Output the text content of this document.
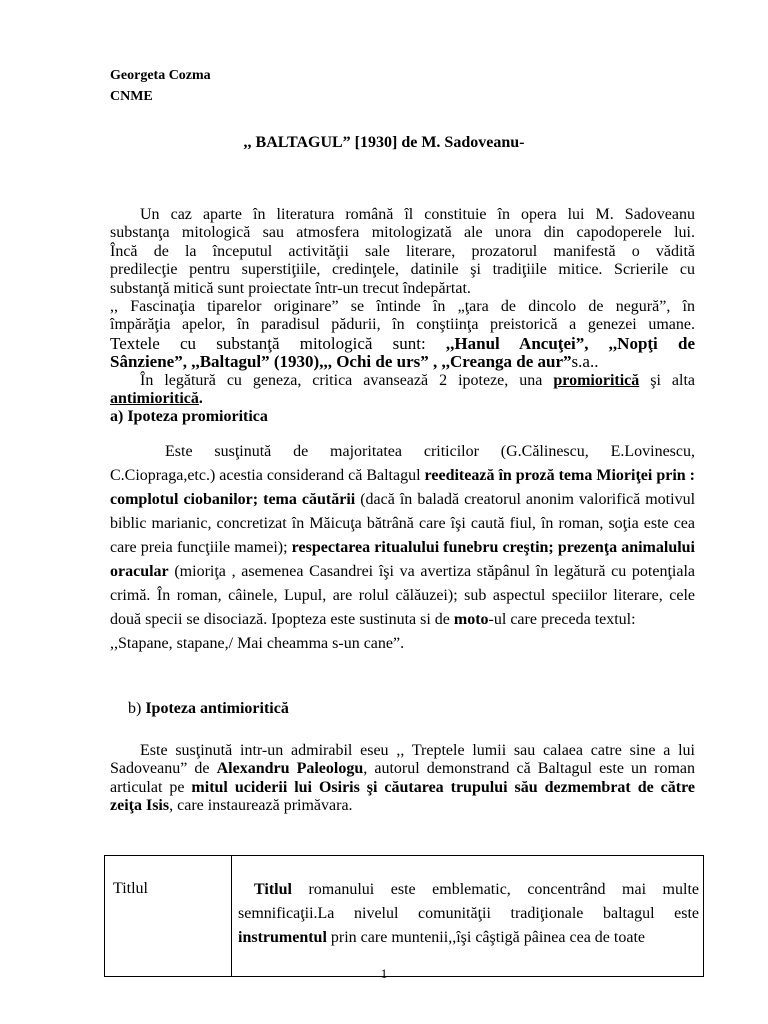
Georgeta Cozma
CNME
,, BALTAGUL” [1930] de M. Sadoveanu-
Un caz aparte în literatura română îl constituie în opera lui M. Sadoveanu
substanţa mitologică sau atmosfera mitologizată ale unora din capodoperele lui.
Încă de la începutul activităţii sale literare, prozatorul manifestă o vădită
predilecţie pentru superstiţiile, credinţele, datinile şi tradiţiile mitice. Scrierile cu
substanţă mitică sunt proiectate într-un trecut îndepărtat.
,, Fascinaţia tiparelor originare” se întinde în „ţara de dincolo de negură”, în
împărăţia apelor, în paradisul pădurii, în conştiinţa preistorică a genezei umane.
Textele cu substanţă mitologică sunt: ,,Hanul Ancuţei”, ,,Nopţi de
Sânziene”, ,,Baltagul” (1930),,, Ochi de urs” , ,,Creanga de aur”s.a..
În legătură cu geneza, critica avansează 2 ipoteze, una promioritică şi alta
antimioritică.
a) Ipoteza promioritica
Este susţinută de majoritatea criticilor (G.Călinescu, E.Lovinescu, C.Ciopraga,etc.) acestia considerand că Baltagul reeditează în proză tema Mioriţei prin : complotul ciobanilor; tema căutării (dacă în baladă creatorul anonim valorifică motivul biblic marianic, concretizat în Măicuţa bătrână care îşi caută fiul, în roman, soţia este cea care preia funcţiile mamei); respectarea ritualului funebru creştin; prezenţa animalului oracular (mioriţa , asemenea Casandrei îşi va avertiza stăpânul în legătură cu potenţiala crimă. În roman, câinele, Lupul, are rolul călăuzei); sub aspectul speciilor literare, cele două specii se disociază. Ipopteza este sustinuta si de moto-ul care preceda textul:
,,Stapane, stapane,/ Mai cheamma s-un cane”.
b) Ipoteza antimioritică
Este susţinută intr-un admirabil eseu ,, Treptele lumii sau calaea catre sine a lui Sadoveanu” de Alexandru Paleologu, autorul demonstrand că Baltagul este un roman articulat pe mitul uciderii lui Osiris şi căutarea trupului său dezmembrat de către zeiţa Isis, care instaurează primăvara.
Titlul	Titlul romanului este emblematic, concentrând mai multe semnificaţii.La nivelul comunităţii tradiţionale baltagul este instrumentul prin care muntenii,,îşi câştigă pâinea cea de toate
1
